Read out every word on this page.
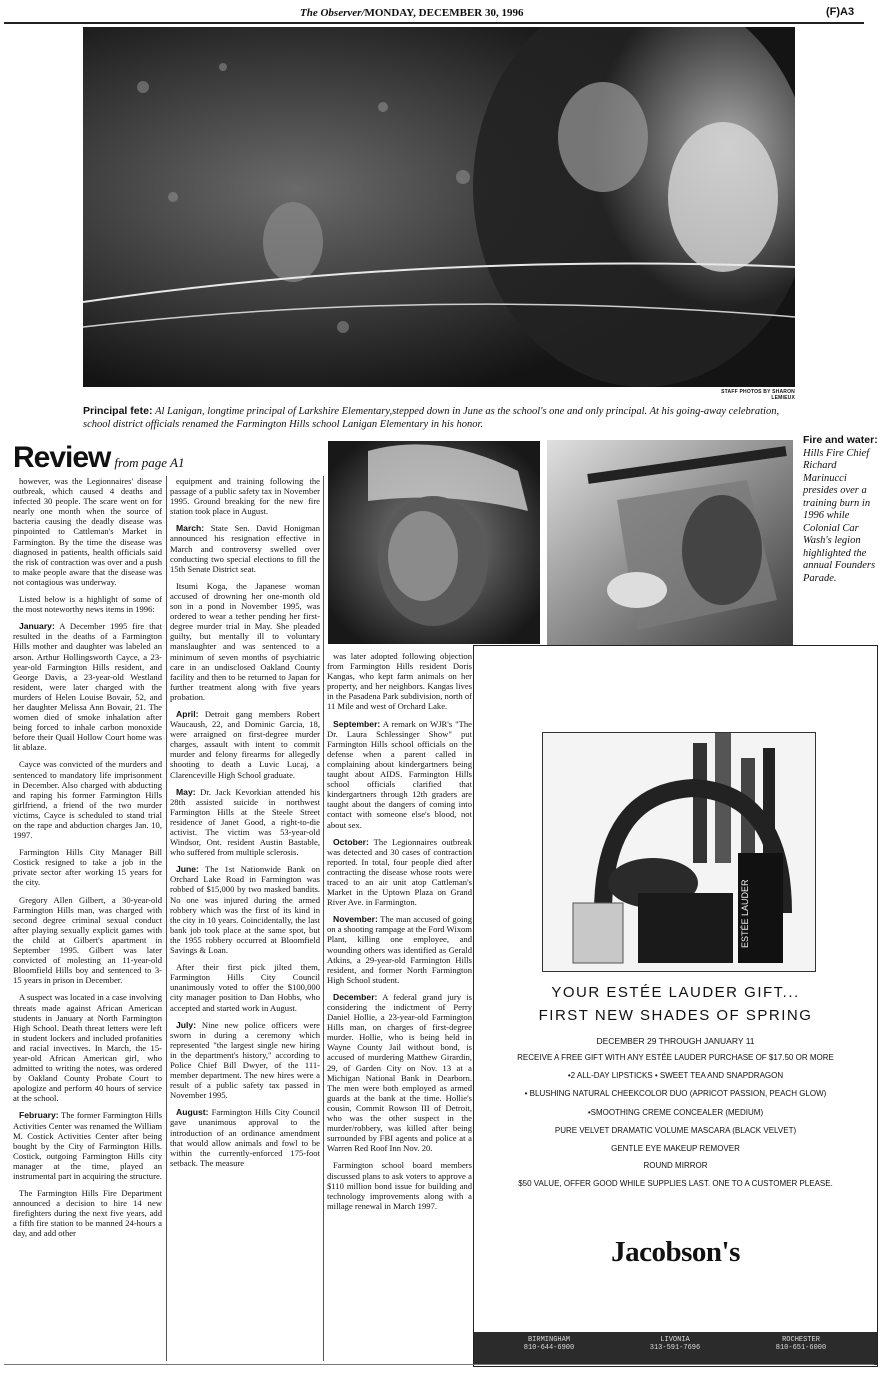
The Observer/MONDAY, DECEMBER 30, 1996	(F)A3
STAFF PHOTOS BY SHARON LEMIEUX
Principal fete: Al Lanigan, longtime principal of Larkshire Elementary,stepped down in June as the school's one and only principal. At his going-away celebration, school district officials renamed the Farmington Hills school Lanigan Elementary in his honor.
Review from page A1

however, was the Legionnaires' disease outbreak, which caused 4 deaths and infected 30 people. The scare went on for nearly one month when the source of bacteria causing the deadly disease was pinpointed to Cattleman's Market in Farmington. By the time the disease was diagnosed in patients, health officials said the risk of contraction was over and a push to make people aware that the disease was not contagious was underway.

Listed below is a highlight of some of the most noteworthy news items in 1996:

January: A December 1995 fire that resulted in the deaths of a Farmington Hills mother and daughter was labeled an arson. Arthur Hollingsworth Cayce, a 23-year-old Farmington Hills resident, and George Davis, a 23-year-old Westland resident, were later charged with the murders of Helen Louise Bovair, 52, and her daughter Melissa Ann Bovair, 21. The women died of smoke inhalation after being forced to inhale carbon monoxide before their Quail Hollow Court home was lit ablaze.

Cayce was convicted of the murders and sentenced to mandatory life imprisonment in December. Also charged with abducting and raping his former Farmington Hills girlfriend, a friend of the two murder victims, Cayce is scheduled to stand trial on the rape and abduction charges Jan. 10, 1997.

Farmington Hills City Manager Bill Costick resigned to take a job in the private sector after working 15 years for the city.

Gregory Allen Gilbert, a 30-year-old Farmington Hills man, was charged with second degree criminal sexual conduct after playing sexually explicit games with the child at Gilbert's apartment in September 1995. Gilbert was later convicted of molesting an 11-year-old Bloomfield Hills boy and sentenced to 3-15 years in prison in December.

A suspect was located in a case involving threats made against African American students in January at North Farmington High School. Death threat letters were left in student lockers and included profanities and racial invectives. In March, the 15-year-old African American girl, who admitted to writing the notes, was ordered by Oakland County Probate Court to apologize and perform 40 hours of service at the school.

February: The former Farmington Hills Activities Center was renamed the William M. Costick Activities Center after being bought by the City of Farmington Hills. Costick, outgoing Farmington Hills city manager at the time, played an instrumental part in acquiring the structure.

The Farmington Hills Fire Department announced a decision to hire 14 new firefighters during the next five years, add a fifth fire station to be manned 24-hours a day, and add other

equipment and training following the passage of a public safety tax in November 1995. Ground breaking for the new fire station took place in August.

March: State Sen. David Honigman announced his resignation effective in March and controversy swelled over conducting two special elections to fill the 15th Senate District seat.

Itsumi Koga, the Japanese woman accused of drowning her one-month old son in a pond in November 1995, was ordered to wear a tether pending her first-degree murder trial in May. She pleaded guilty, but mentally ill to voluntary manslaughter and was sentenced to a minimum of seven months of psychiatric care in an undisclosed Oakland County facility and then to be returned to Japan for further treatment along with five years probation.

April: Detroit gang members Robert Waucaush, 22, and Dominic Garcia, 18, were arraigned on first-degree murder charges, assault with intent to commit murder and felony firearms for allegedly shooting to death a Luvic Lucaj, a Clarenceville High School graduate.

May: Dr. Jack Kevorkian attended his 28th assisted suicide in northwest Farmington Hills at the Steele Street residence of Janet Good, a right-to-die activist. The victim was 53-year-old Windsor, Ont. resident Austin Bastable, who suffered from multiple sclerosis.

June: The 1st Nationwide Bank on Orchard Lake Road in Farmington was robbed of $15,000 by two masked bandits. No one was injured during the armed robbery which was the first of its kind in the city in 10 years. Coincidentally, the last bank job took place at the same spot, but the 1955 robbery occurred at Bloomfield Savings & Loan.

After their first pick jilted them, Farmington Hills City Council unanimously voted to offer the $100,000 city manager position to Dan Hobbs, who accepted and started work in August.

July: Nine new police officers were sworn in during a ceremony which represented "the largest single new hiring in the department's history," according to Police Chief Bill Dwyer, of the 111-member department. The new hires were a result of a public safety tax passed in November 1995.

August: Farmington Hills City Council gave unanimous approval to the introduction of an ordinance amendment that would allow animals and fowl to be within the currently-enforced 175-foot setback. The measure

was later adopted following objection from Farmington Hills resident Doris Kangas, who kept farm animals on her property, and her neighbors. Kangas lives in the Pasadena Park subdivision, north of 11 Mile and west of Orchard Lake.

September: A remark on WJR's "The Dr. Laura Schlessinger Show" put Farmington Hills school officials on the defense when a parent called in complaining about kindergartners being taught about AIDS. Farmington Hills school officials clarified that kindergartners through 12th graders are taught about the dangers of coming into contact with someone else's blood, not about sex.

October: The Legionnaires outbreak was detected and 30 cases of contraction reported. In total, four people died after contracting the disease whose roots were traced to an air unit atop Cattleman's Market in the Uptown Plaza on Grand River Ave. in Farmington.

November: The man accused of going on a shooting rampage at the Ford Wixom Plant, killing one employee, and wounding others was identified as Gerald Atkins, a 29-year-old Farmington Hills resident, and former North Farmington High School student.

December: A federal grand jury is considering the indictment of Perry Daniel Hollie, a 23-year-old Farmington Hills man, on charges of first-degree murder. Hollie, who is being held in Wayne County Jail without bond, is accused of murdering Matthew Girardin, 29, of Garden City on Nov. 13 at a Michigan National Bank in Dearborn. The men were both employed as armed guards at the bank at the time. Hollie's cousin, Commit Rowson III of Detroit, who was the other suspect in the murder/robbery, was killed after being surrounded by FBI agents and police at a Warren Red Roof Inn Nov. 20.

Farmington school board members discussed plans to ask voters to approve a $110 million bond issue for building and technology improvements along with a millage renewal in March 1997.

Fire and water: Hills Fire Chief Richard Marinucci presides over a training burn in 1996 while Colonial Car Wash's legion highlighted the annual Founders Parade.
ESTÉE LAUDER
YOUR ESTÉE LAUDER GIFT...
FIRST NEW SHADES OF SPRING
DECEMBER 29 THROUGH JANUARY 11
RECEIVE A FREE GIFT WITH ANY ESTÉE LAUDER PURCHASE OF $17.50 OR MORE
•2 ALL-DAY LIPSTICKS • SWEET TEA AND SNAPDRAGON
• BLUSHING NATURAL CHEEKCOLOR DUO (APRICOT PASSION, PEACH GLOW)
•SMOOTHING CREME CONCEALER (MEDIUM)
PURE VELVET DRAMATIC VOLUME MASCARA (BLACK VELVET)
GENTLE EYE MAKEUP REMOVER
ROUND MIRROR
$50 VALUE, OFFER GOOD WHILE SUPPLIES LAST. ONE TO A CUSTOMER PLEASE.
Jacobson's
BIRMINGHAM
810-644-6900
LIVONIA
313-591-7696
ROCHESTER
810-651-6000
